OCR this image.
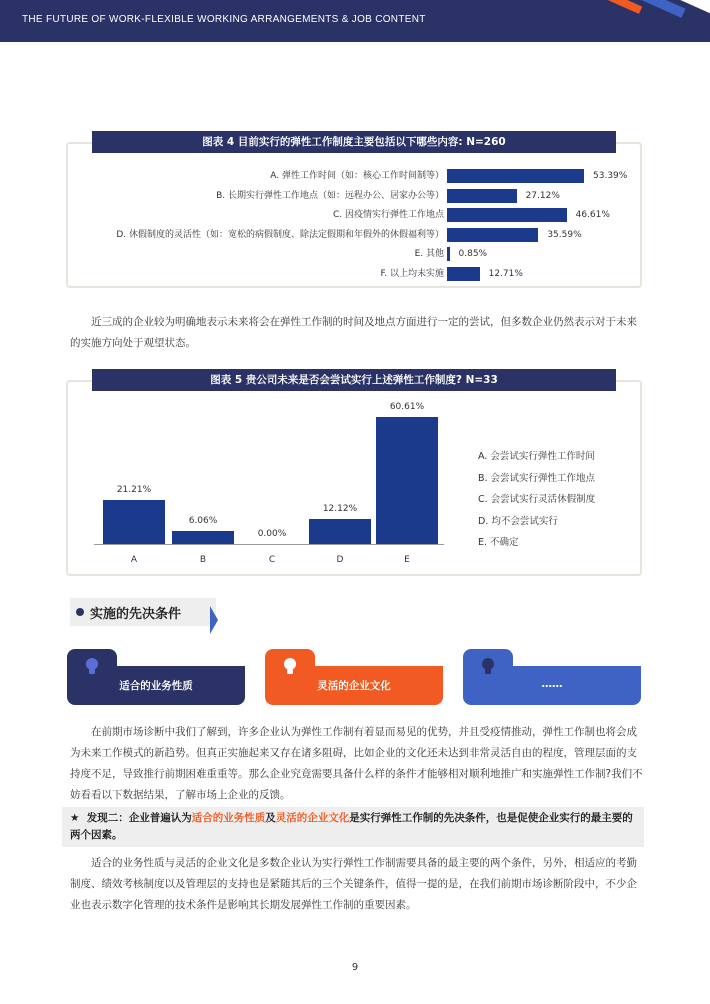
THE FUTURE OF WORK-FLEXIBLE WORKING ARRANGEMENTS & JOB CONTENT
图表 4 目前实行的弹性工作制度主要包括以下哪些内容: N=260
A. 弹性工作时间（如：核心工作时间制等）	53.39%
B. 长期实行弹性工作地点（如：远程办公、居家办公等）	27.12%
C. 因疫情实行弹性工作地点	46.61%
D. 休假制度的灵活性（如：宽松的病假制度、除法定假期和年假外的休假福利等）	35.59%
E. 其他 0.85%
F. 以上均未实施	12.71%
近三成的企业较为明确地表示未来将会在弹性工作制的时间及地点方面进行一定的尝试，但多数企业仍然表示对于未来的实施方向处于观望状态。
图表 5 贵公司未来是否会尝试实行上述弹性工作制度? N=33
21.21%
A
6.06%
B
0.00%
C
12.12%
D
60.61%
E
A. 会尝试实行弹性工作时间
B. 会尝试实行弹性工作地点
C. 会尝试实行灵活休假制度
D. 均不会尝试实行
E. 不确定
实施的先决条件
适合的业务性质	灵活的企业文化	……
在前期市场诊断中我们了解到，许多企业认为弹性工作制有着显而易见的优势，并且受疫情推动，弹性工作制也将会成为未来工作模式的新趋势。但真正实施起来又存在诸多阻碍，比如企业的文化还未达到非常灵活自由的程度，管理层面的支持度不足，导致推行前期困难重重等。那么企业究竟需要具备什么样的条件才能够相对顺利地推广和实施弹性工作制?我们不妨看看以下数据结果，了解市场上企业的反馈。
★ 发现二：企业普遍认为适合的业务性质及灵活的企业文化是实行弹性工作制的先决条件，也是促使企业实行的最主要的两个因素。
适合的业务性质与灵活的企业文化是多数企业认为实行弹性工作制需要具备的最主要的两个条件，另外，相适应的考勤制度、绩效考核制度以及管理层的支持也是紧随其后的三个关键条件，值得一提的是，在我们前期市场诊断阶段中，不少企业也表示数字化管理的技术条件是影响其长期发展弹性工作制的重要因素。
9
